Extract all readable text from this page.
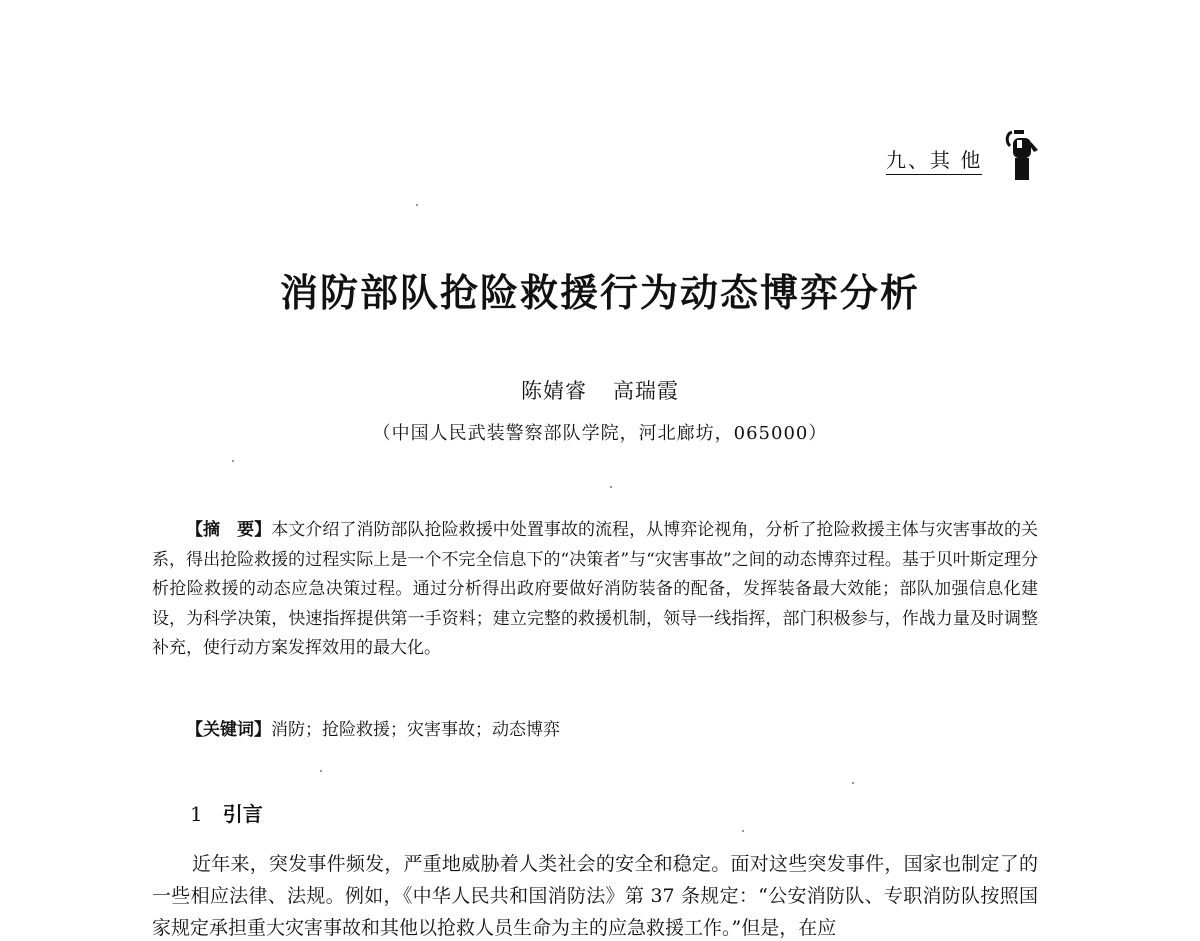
九、其 他
消防部队抢险救援行为动态博弈分析
陈婧睿 高瑞霞
（中国人民武装警察部队学院，河北廊坊，065000）

【摘　要】本文介绍了消防部队抢险救援中处置事故的流程，从博弈论视角，分析了抢险救援主体与灾害事故的关系，得出抢险救援的过程实际上是一个不完全信息下的“决策者”与“灾害事故”之间的动态博弈过程。基于贝叶斯定理分析抢险救援的动态应急决策过程。通过分析得出政府要做好消防装备的配备，发挥装备最大效能；部队加强信息化建设，为科学决策，快速指挥提供第一手资料；建立完整的救援机制，领导一线指挥，部门积极参与，作战力量及时调整补充，使行动方案发挥效用的最大化。

【关键词】消防；抢险救援；灾害事故；动态博弈
1 引言

近年来，突发事件频发，严重地威胁着人类社会的安全和稳定。面对这些突发事件，国家也制定了的一些相应法律、法规。例如，《中华人民共和国消防法》第 37 条规定：“公安消防队、专职消防队按照国家规定承担重大灾害事故和其他以抢救人员生命为主的应急救援工作。”但是，在应
